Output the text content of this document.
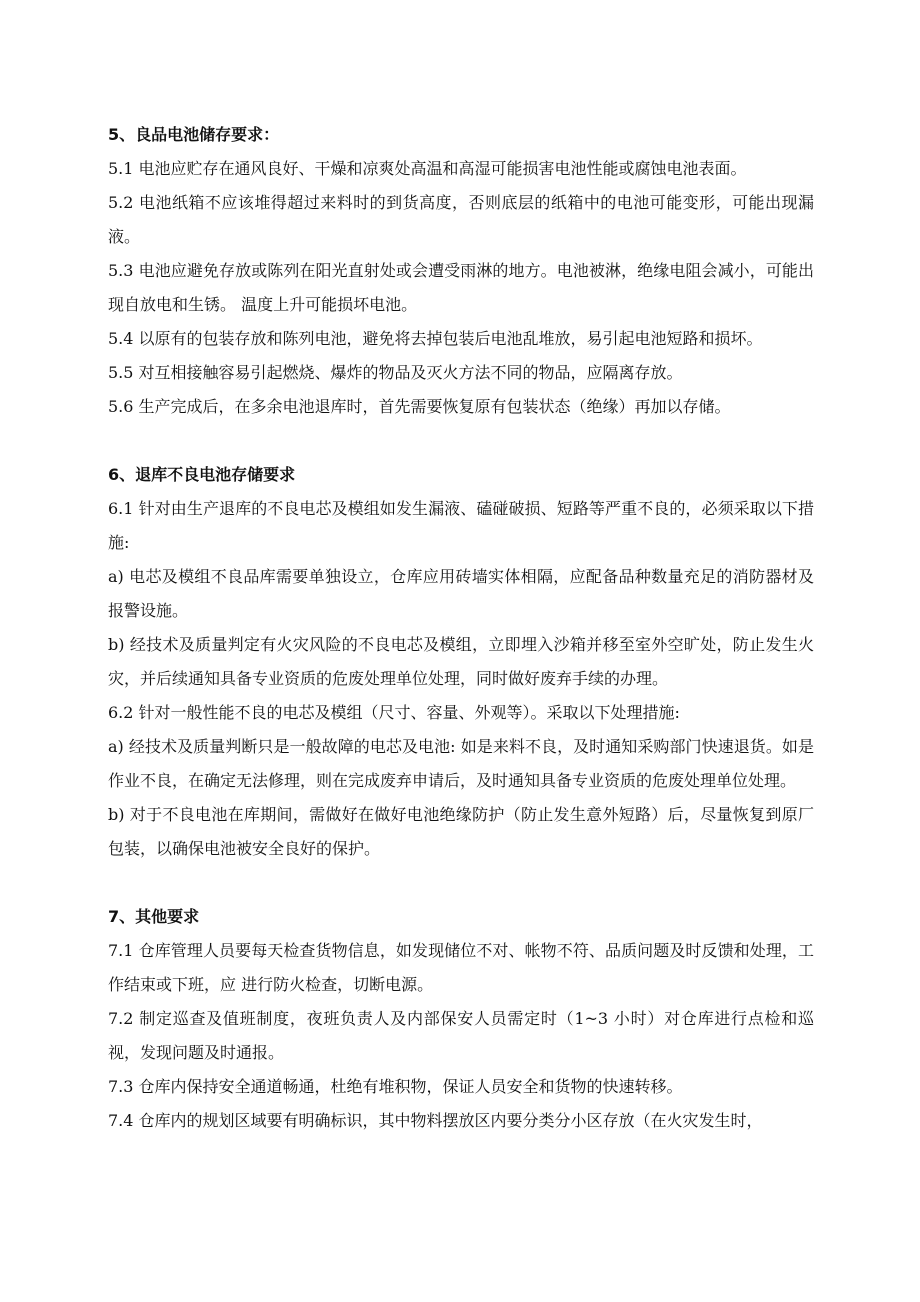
5、良品电池储存要求：

5.1 电池应贮存在通风良好、干燥和凉爽处高温和高湿可能损害电池性能或腐蚀电池表面。

5.2 电池纸箱不应该堆得超过来料时的到货高度，否则底层的纸箱中的电池可能变形，可能出现漏液。

5.3 电池应避免存放或陈列在阳光直射处或会遭受雨淋的地方。电池被淋，绝缘电阻会减小，可能出现自放电和生锈。 温度上升可能损坏电池。

5.4 以原有的包装存放和陈列电池，避免将去掉包装后电池乱堆放，易引起电池短路和损坏。

5.5 对互相接触容易引起燃烧、爆炸的物品及灭火方法不同的物品，应隔离存放。

5.6 生产完成后，在多余电池退库时，首先需要恢复原有包装状态（绝缘）再加以存储。

6、退库不良电池存储要求

6.1 针对由生产退库的不良电芯及模组如发生漏液、磕碰破损、短路等严重不良的，必须采取以下措施:

a) 电芯及模组不良品库需要单独设立，仓库应用砖墙实体相隔，应配备品种数量充足的消防器材及报警设施。

b) 经技术及质量判定有火灾风险的不良电芯及模组，立即埋入沙箱并移至室外空旷处，防止发生火灾，并后续通知具备专业资质的危废处理单位处理，同时做好废弃手续的办理。

6.2 针对一般性能不良的电芯及模组（尺寸、容量、外观等）。采取以下处理措施:

a) 经技术及质量判断只是一般故障的电芯及电池: 如是来料不良，及时通知采购部门快速退货。如是作业不良，在确定无法修理，则在完成废弃申请后，及时通知具备专业资质的危废处理单位处理。

b) 对于不良电池在库期间，需做好在做好电池绝缘防护（防止发生意外短路）后，尽量恢复到原厂包装，以确保电池被安全良好的保护。

7、其他要求

7.1 仓库管理人员要每天检查货物信息，如发现储位不对、帐物不符、品质问题及时反馈和处理，工作结束或下班，应 进行防火检查，切断电源。

7.2 制定巡查及值班制度，夜班负责人及内部保安人员需定时（1~3 小时）对仓库进行点检和巡视，发现问题及时通报。

7.3 仓库内保持安全通道畅通，杜绝有堆积物，保证人员安全和货物的快速转移。

7.4 仓库内的规划区域要有明确标识，其中物料摆放区内要分类分小区存放（在火灾发生时，
